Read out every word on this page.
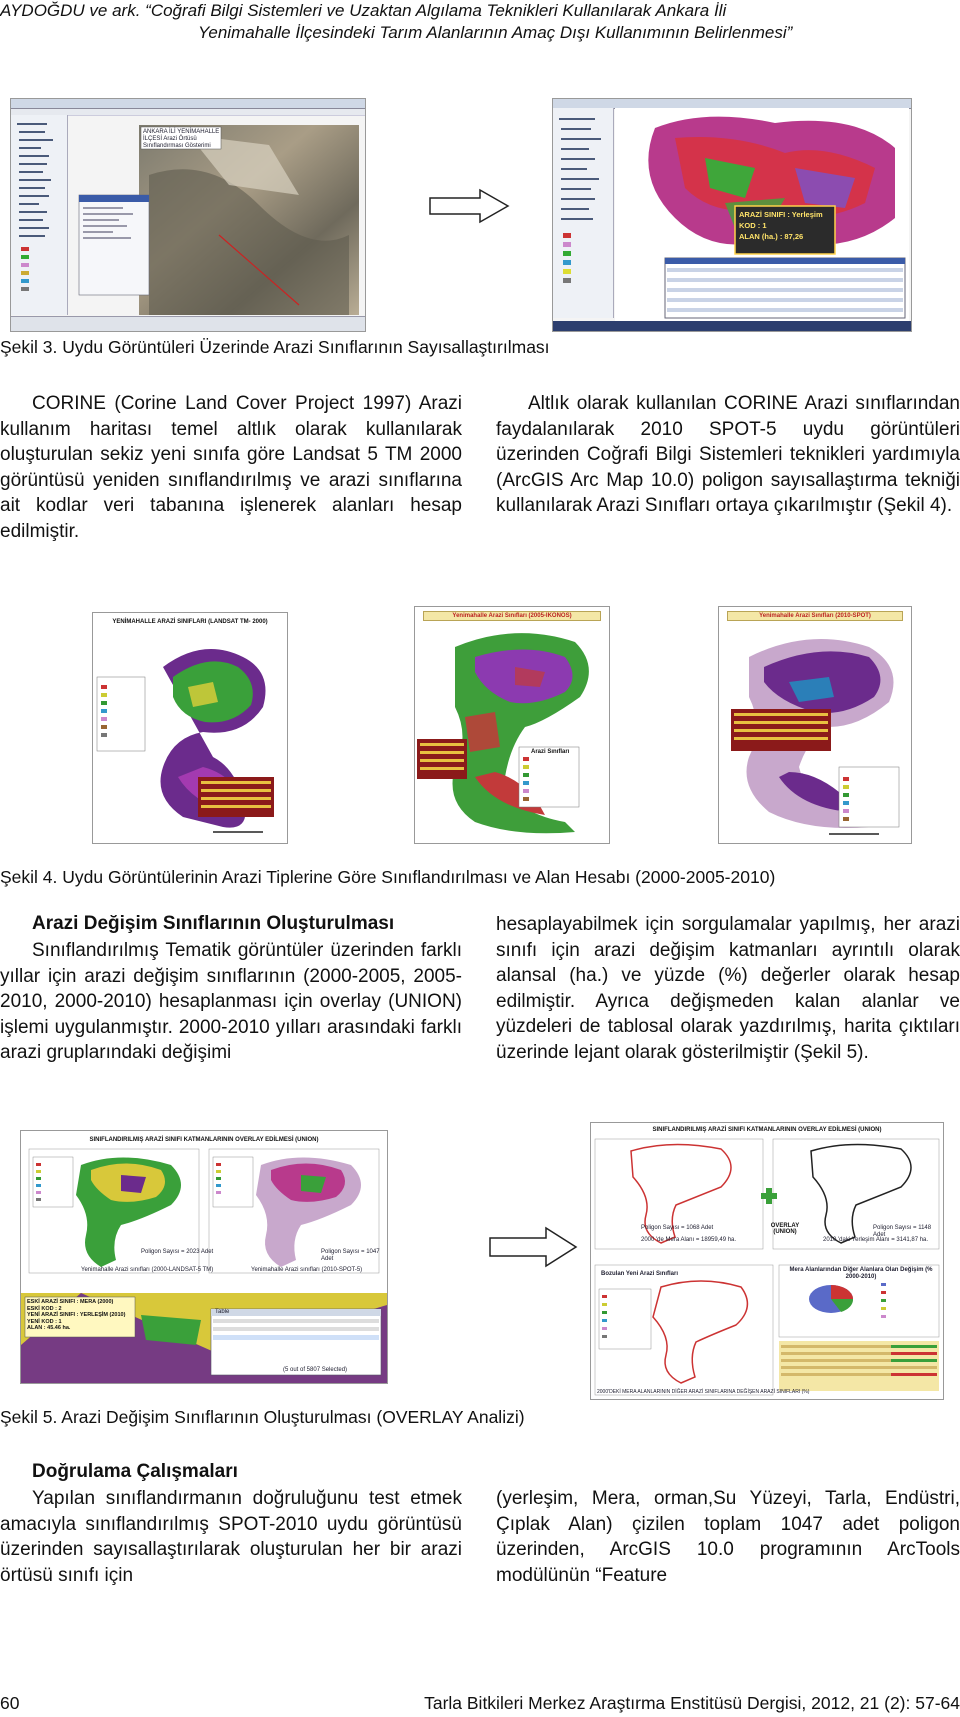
AYDOĞDU ve ark. “Coğrafi Bilgi Sistemleri ve Uzaktan Algılama Teknikleri Kullanılarak Ankara İli
Yenimahalle İlçesindeki Tarım Alanlarının Amaç Dışı Kullanımının Belirlenmesi”
ANKARA İLİ YENİMAHALLE İLÇESİ Arazi Örtüsü Sınıflandırması Gösterimi
ARAZİ SINIFI : Yerleşim
KOD : 1
ALAN (ha.) : 87,26
Şekil 3. Uydu Görüntüleri Üzerinde Arazi Sınıflarının Sayısallaştırılması

CORINE (Corine Land Cover Project 1997) Arazi kullanım haritası temel altlık olarak kullanılarak oluşturulan sekiz yeni sınıfa göre Landsat 5 TM 2000 görüntüsü yeniden sınıflandırılmış ve arazi sınıflarına ait kodlar veri tabanına işlenerek alanları hesap edilmiştir.

Altlık olarak kullanılan CORINE Arazi sınıflarından faydalanılarak 2010 SPOT-5 uydu görüntüleri üzerinden Coğrafi Bilgi Sistemleri teknikleri yardımıyla (ArcGIS Arc Map 10.0) poligon sayısallaştırma tekniği kullanılarak Arazi Sınıfları ortaya çıkarılmıştır (Şekil 4).

YENİMAHALLE ARAZİ SINIFLARI (LANDSAT TM- 2000)
Yenimahalle Arazi Sınıfları (2005-IKONOS)
Arazi Sınıfları
Yenimahalle Arazi Sınıfları (2010-SPOT)
Şekil 4. Uydu Görüntülerinin Arazi Tiplerine Göre Sınıflandırılması ve Alan Hesabı (2000-2005-2010)
Arazi Değişim Sınıflarının Oluşturulması

Sınıflandırılmış Tematik görüntüler üzerinden farklı yıllar için arazi değişim sınıflarının (2000-2005, 2005-2010, 2000-2010) hesaplanması için overlay (UNION) işlemi uygulanmıştır. 2000-2010 yılları arasındaki farklı arazi gruplarındaki değişimi

hesaplayabilmek için sorgulamalar yapılmış, her arazi sınıfı için arazi değişim katmanları ayrıntılı olarak alansal (ha.) ve yüzde (%) değerler olarak hesap edilmiştir. Ayrıca değişmeden kalan alanlar ve yüzdeleri de tablosal olarak yazdırılmış, harita çıktıları üzerinde lejant olarak gösterilmiştir (Şekil 5).

SINIFLANDIRILMIŞ ARAZİ SINIFI KATMANLARININ OVERLAY EDİLMESİ (UNION)
ESKİ ARAZİ SINIFI : MERA (2000)
ESKİ KOD : 2
YENİ ARAZİ SINIFI : YERLEŞİM (2010)
YENİ KOD : 1
ALAN : 45.46 ha.
Table
(5 out of 5807 Selected)
Poligon Sayısı = 2023 Adet	Poligon Sayısı = 1047 Adet
Yenimahalle Arazi sınıfları (2000-LANDSAT-5 TM)	Yenimahalle Arazi sınıfları (2010-SPOT-5)
SINIFLANDIRILMIŞ ARAZİ SINIFI KATMANLARININ OVERLAY EDİLMESİ (UNION)
OVERLAY (UNION)
Poligon Sayısı = 1068 Adet	Poligon Sayısı = 1148 Adet
2000 'de Mera Alanı = 18959,49 ha.	2010 'daki Yerleşim Alanı = 3141,87 ha.
Bozulan Yeni Arazi Sınıfları
Mera Alanlarından Diğer Alanlara Olan Değişim (% 2000-2010)
2000'DEKİ MERA ALANLARININ DİĞER ARAZİ SINIFLARINA DEĞİŞEN ARAZİ SINIFLARI (%)
Şekil 5. Arazi Değişim Sınıflarının Oluşturulması (OVERLAY Analizi)
Doğrulama Çalışmaları

Yapılan sınıflandırmanın doğruluğunu test etmek amacıyla sınıflandırılmış SPOT-2010 uydu görüntüsü üzerinden sayısallaştırılarak oluşturulan her bir arazi örtüsü sınıfı için

(yerleşim, Mera, orman,Su Yüzeyi, Tarla, Endüstri, Çıplak Alan) çizilen toplam 1047 adet poligon üzerinden, ArcGIS 10.0 programının ArcTools modülünün “Feature

60	Tarla Bitkileri Merkez Araştırma Enstitüsü Dergisi, 2012, 21 (2): 57-64
